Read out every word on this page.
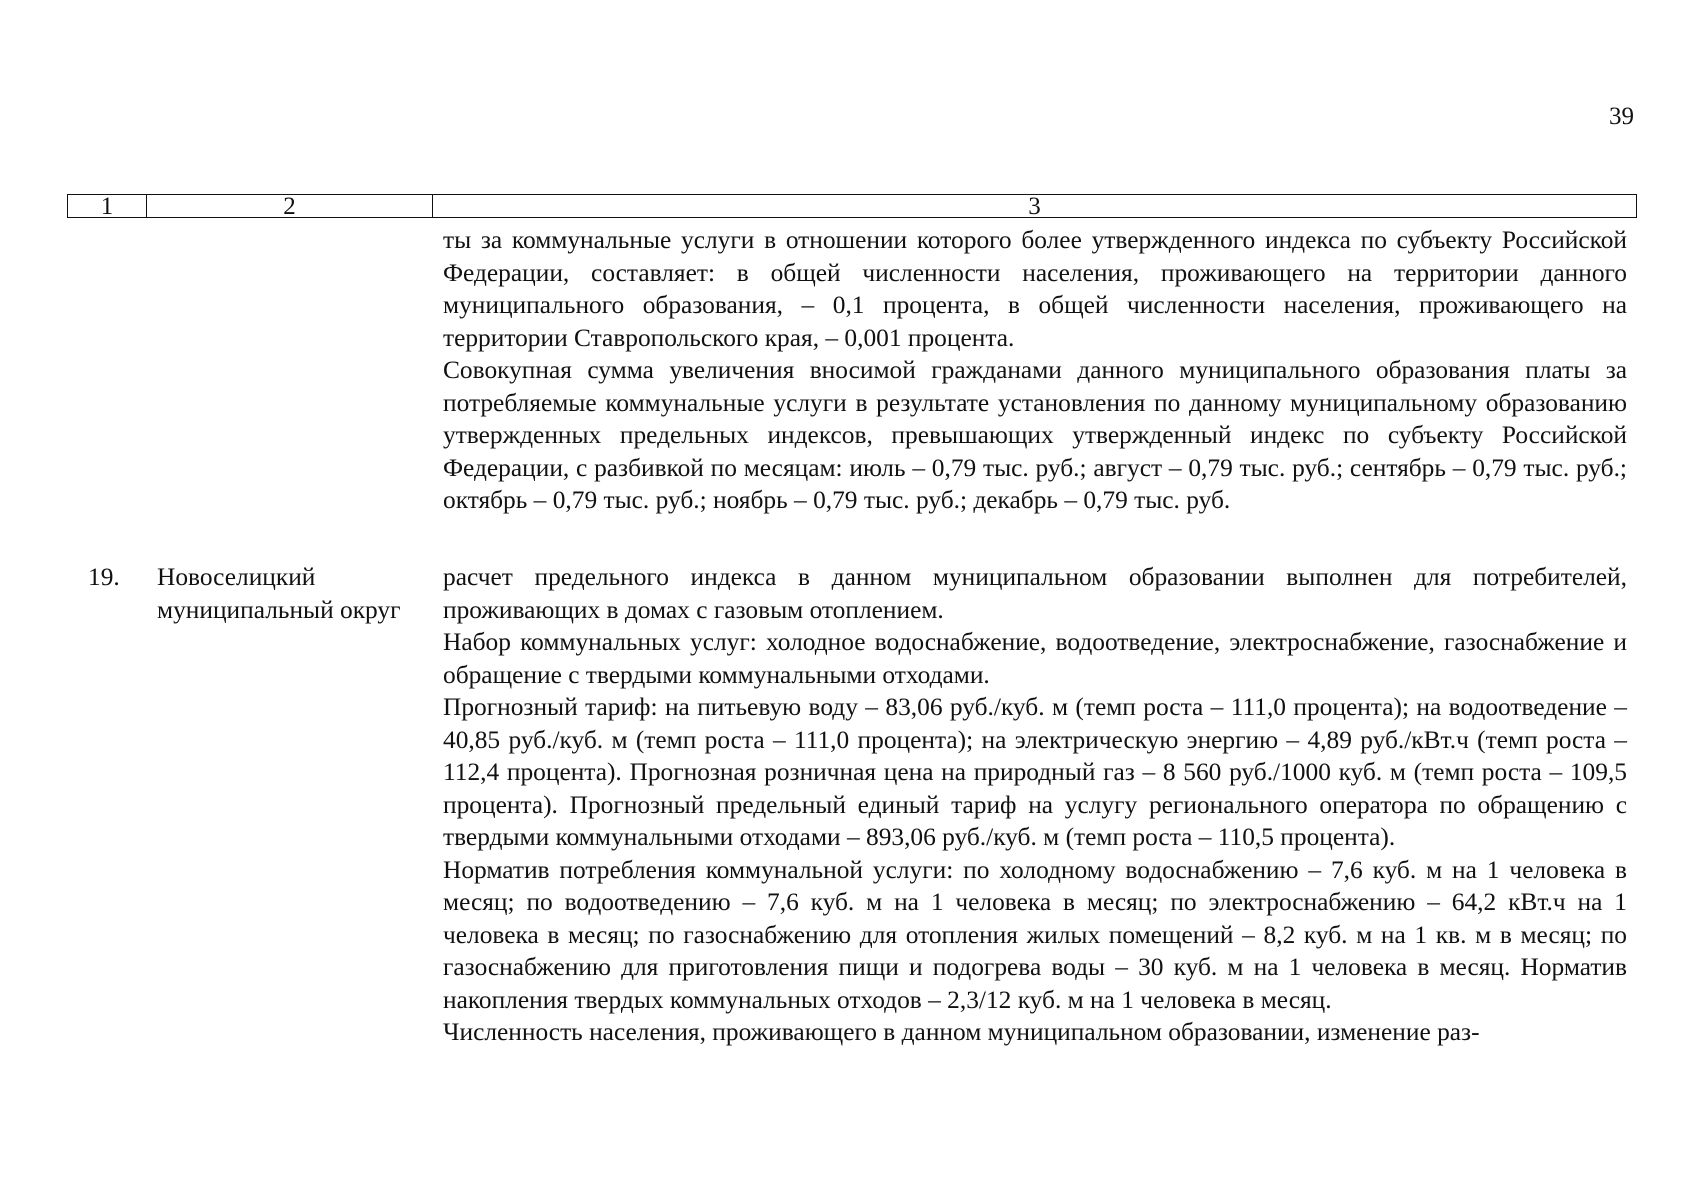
39
1	2	3

ты за коммунальные услуги в отношении которого более утвержденного индекса по субъекту Российской Федерации, составляет: в общей численности населения, проживающего на территории данного муниципального образования, – 0,1 процента, в общей численности населения, проживающего на территории Ставропольского края, – 0,001 процента.

Совокупная сумма увеличения вносимой гражданами данного муниципального образования платы за потребляемые коммунальные услуги в результате установления по данному муниципальному образованию утвержденных предельных индексов, превышающих утвержденный индекс по субъекту Российской Федерации, с разбивкой по месяцам: июль – 0,79 тыс. руб.; август – 0,79 тыс. руб.; сентябрь – 0,79 тыс. руб.; октябрь – 0,79 тыс. руб.; ноябрь – 0,79 тыс. руб.; декабрь – 0,79 тыс. руб.

19. Новоселицкий муниципальный округ

расчет предельного индекса в данном муниципальном образовании выполнен для потребителей, проживающих в домах с газовым отоплением.

Набор коммунальных услуг: холодное водоснабжение, водоотведение, электроснабжение, газоснабжение и обращение с твердыми коммунальными отходами.

Прогнозный тариф: на питьевую воду – 83,06 руб./куб. м (темп роста – 111,0 процента); на водоотведение – 40,85 руб./куб. м (темп роста – 111,0 процента); на электрическую энергию – 4,89 руб./кВт.ч (темп роста – 112,4 процента). Прогнозная розничная цена на природный газ – 8 560 руб./1000 куб. м (темп роста – 109,5 процента). Прогнозный предельный единый тариф на услугу регионального оператора по обращению с твердыми коммунальными отходами – 893,06 руб./куб. м (темп роста – 110,5 процента).

Норматив потребления коммунальной услуги: по холодному водоснабжению – 7,6 куб. м на 1 человека в месяц; по водоотведению – 7,6 куб. м на 1 человека в месяц; по электроснабжению – 64,2 кВт.ч на 1 человека в месяц; по газоснабжению для отопления жилых помещений – 8,2 куб. м на 1 кв. м в месяц; по газоснабжению для приготовления пищи и подогрева воды – 30 куб. м на 1 человека в месяц. Норматив накопления твердых коммунальных отходов – 2,3/12 куб. м на 1 человека в месяц.

Численность населения, проживающего в данном муниципальном образовании, изменение раз-
